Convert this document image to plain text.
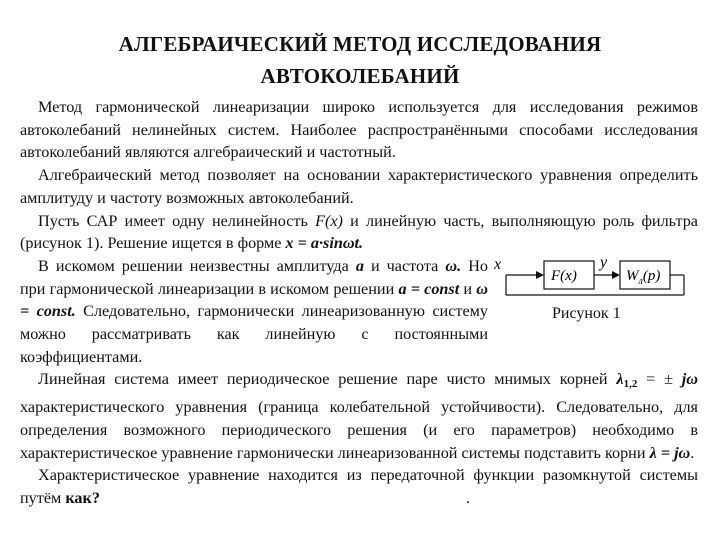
АЛГЕБРАИЧЕСКИЙ МЕТОД ИССЛЕДОВАНИЯ
АВТОКОЛЕБАНИЙ

Метод гармонической линеаризации широко используется для исследования режимов автоколебаний нелинейных систем. Наиболее распространёнными способами исследования автоколебаний являются алгебраический и частотный.

Алгебраический метод позволяет на основании характеристического уравнения определить амплитуду и частоту возможных автоколебаний.

Пусть САР имеет одну нелинейность F(x) и линейную часть, выполняющую роль фильтра (рисунок 1). Решение ищется в форме x = a·sinωt.

В искомом решении неизвестны амплитуда a и частота ω. Но при гармонической линеаризации в искомом решении a = const и ω = const. Следовательно, гармонически линеаризованную систему можно рассматривать как линейную с постоянными коэффициентами.

x	y
F(x)	$W_л(p)$
Рисунок 1

Линейная система имеет периодическое решение паре чисто мнимых корней $\lambda_{1,2}$ = ± jω характеристического уравнения (граница колебательной устойчивости). Следовательно, для определения возможного периодического решения (и его параметров) необходимо в характеристическое уравнение гармонически линеаризованной системы подставить корни λ = jω.

Характеристическое уравнение находится из передаточной функции разомкнутой системы путём как?	.
